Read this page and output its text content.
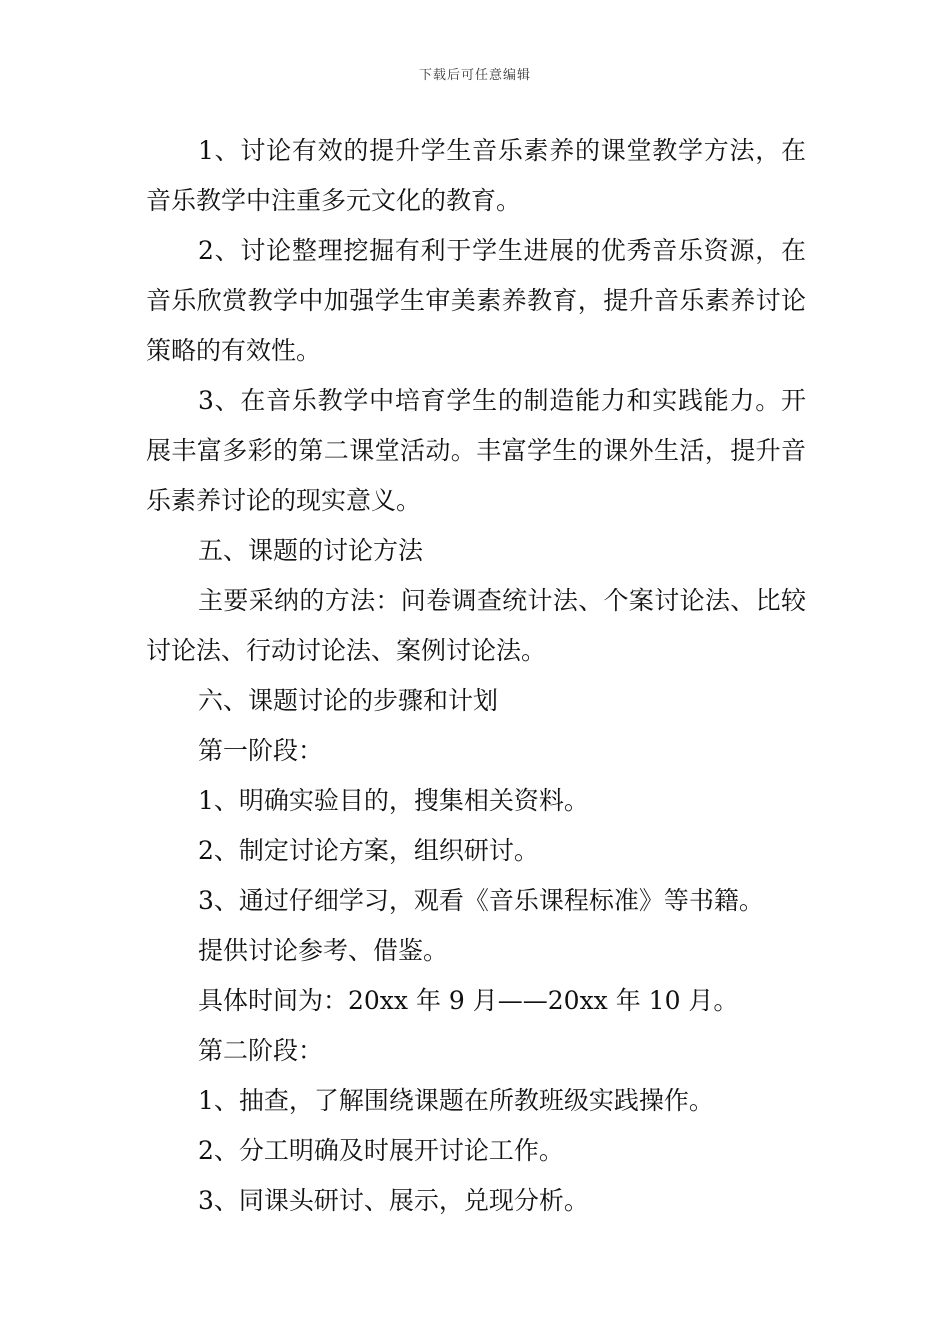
下载后可任意编辑

1、讨论有效的提升学生音乐素养的课堂教学方法，在音乐教学中注重多元文化的教育。

2、讨论整理挖掘有利于学生进展的优秀音乐资源，在音乐欣赏教学中加强学生审美素养教育，提升音乐素养讨论策略的有效性。

3、在音乐教学中培育学生的制造能力和实践能力。开展丰富多彩的第二课堂活动。丰富学生的课外生活，提升音乐素养讨论的现实意义。

五、课题的讨论方法

主要采纳的方法：问卷调查统计法、个案讨论法、比较讨论法、行动讨论法、案例讨论法。

六、课题讨论的步骤和计划

第一阶段：

1、明确实验目的，搜集相关资料。

2、制定讨论方案，组织研讨。

3、通过仔细学习，观看《音乐课程标准》等书籍。

提供讨论参考、借鉴。

具体时间为：20xx 年 9 月——20xx 年 10 月。

第二阶段：

1、抽查，了解围绕课题在所教班级实践操作。

2、分工明确及时展开讨论工作。

3、同课头研讨、展示，兑现分析。
